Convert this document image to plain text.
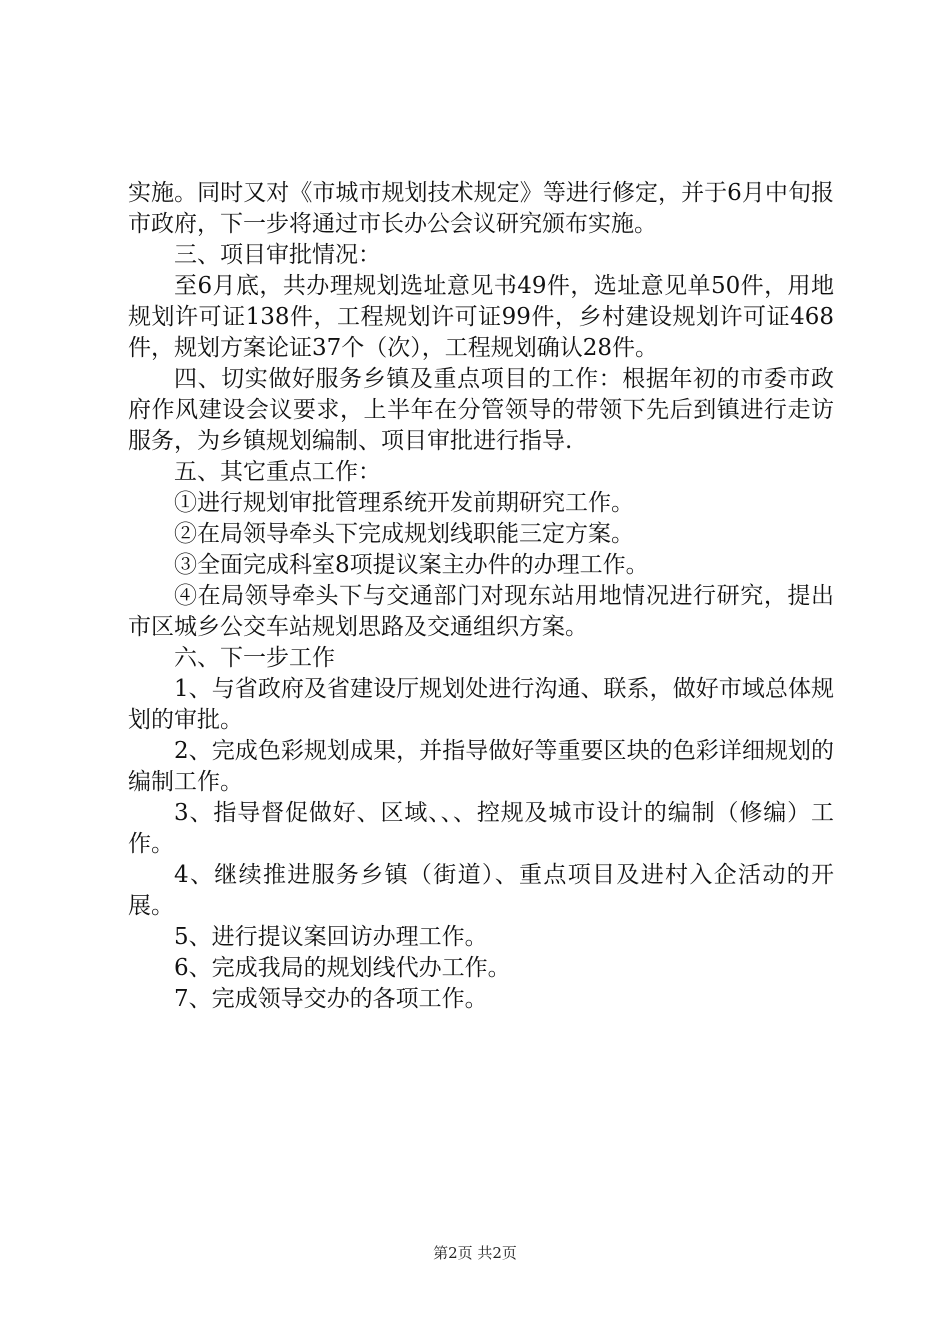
实施。同时又对《市城市规划技术规定》等进行修定，并于6月中旬报市政府，下一步将通过市长办公会议研究颁布实施。

三、项目审批情况：

至6月底，共办理规划选址意见书49件，选址意见单50件，用地规划许可证138件，工程规划许可证99件，乡村建设规划许可证468件，规划方案论证37个（次），工程规划确认28件。

四、切实做好服务乡镇及重点项目的工作：根据年初的市委市政府作风建设会议要求，上半年在分管领导的带领下先后到镇进行走访服务，为乡镇规划编制、项目审批进行指导.

五、其它重点工作：

①进行规划审批管理系统开发前期研究工作。

②在局领导牵头下完成规划线职能三定方案。

③全面完成科室8项提议案主办件的办理工作。

④在局领导牵头下与交通部门对现东站用地情况进行研究，提出市区城乡公交车站规划思路及交通组织方案。

六、下一步工作

1、与省政府及省建设厅规划处进行沟通、联系，做好市域总体规划的审批。

2、完成色彩规划成果，并指导做好等重要区块的色彩详细规划的编制工作。

3、指导督促做好、区域、、、控规及城市设计的编制（修编）工作。

4、继续推进服务乡镇（街道）、重点项目及进村入企活动的开展。

5、进行提议案回访办理工作。

6、完成我局的规划线代办工作。

7、完成领导交办的各项工作。

第2页 共2页
